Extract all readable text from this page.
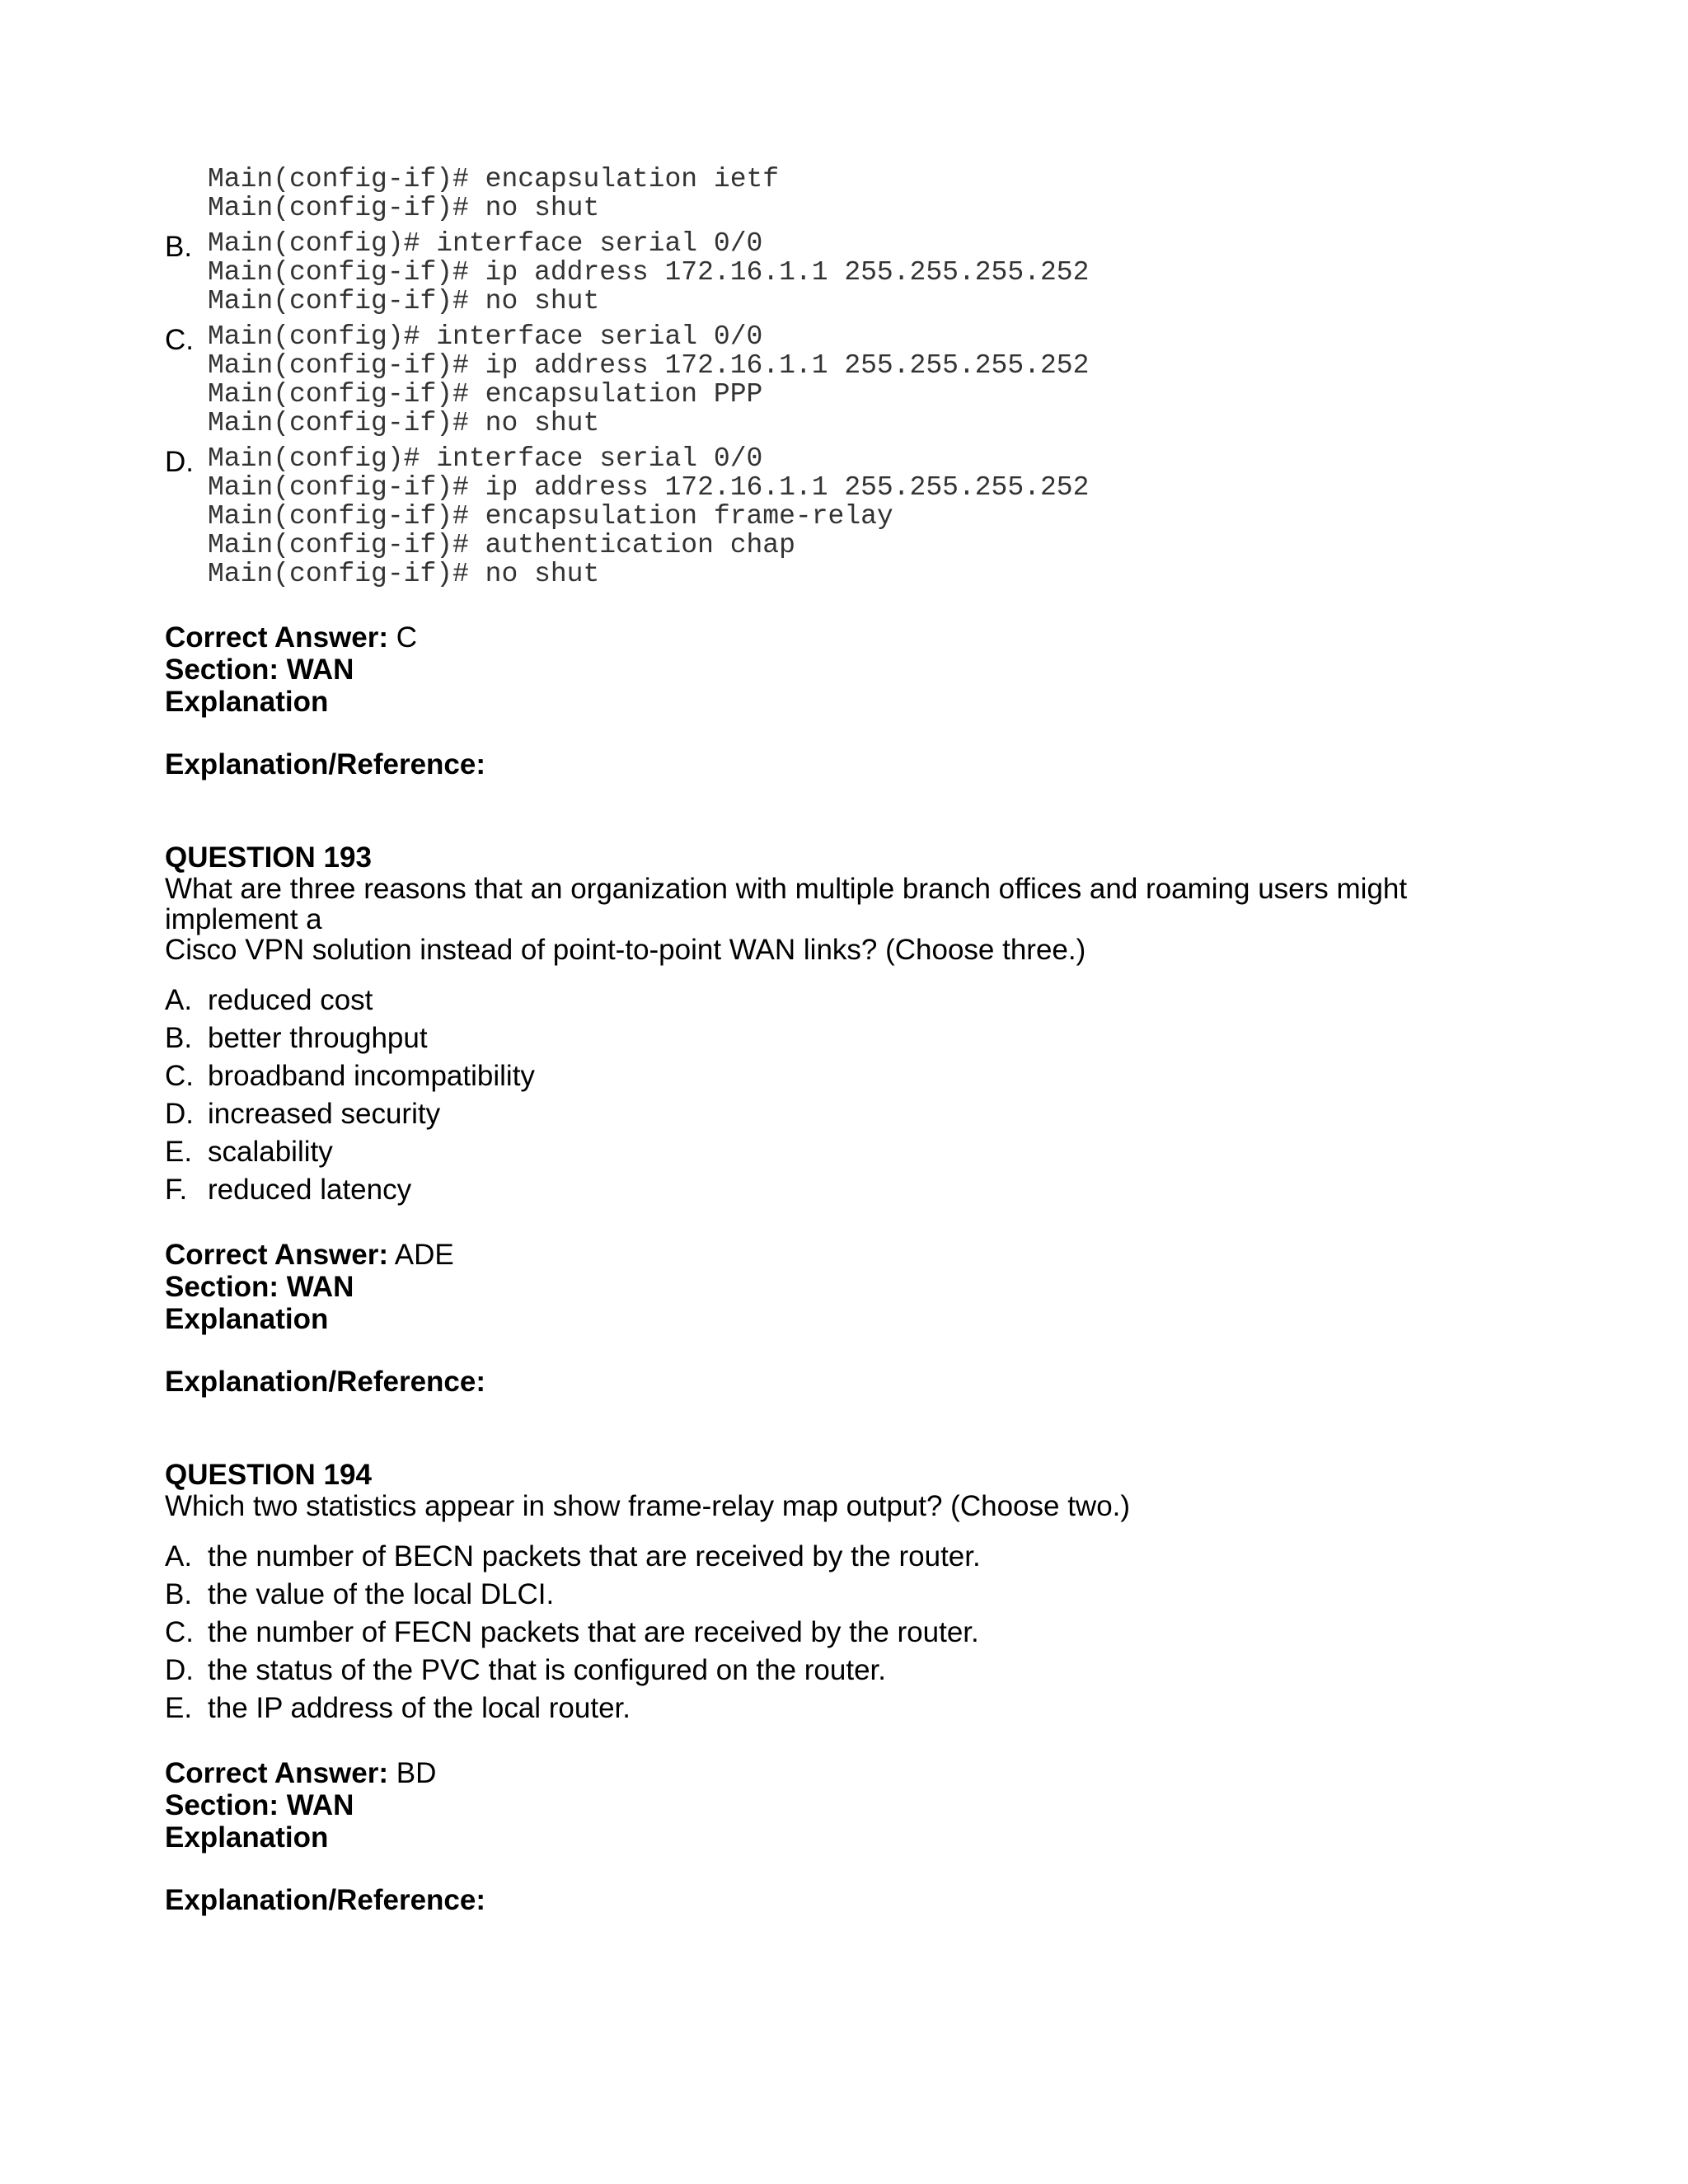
Main(config-if)# encapsulation ietf
Main(config-if)# no shut
B. Main(config)# interface serial 0/0
Main(config-if)# ip address 172.16.1.1 255.255.255.252
Main(config-if)# no shut
C. Main(config)# interface serial 0/0
Main(config-if)# ip address 172.16.1.1 255.255.255.252
Main(config-if)# encapsulation PPP
Main(config-if)# no shut
D. Main(config)# interface serial 0/0
Main(config-if)# ip address 172.16.1.1 255.255.255.252
Main(config-if)# encapsulation frame-relay
Main(config-if)# authentication chap
Main(config-if)# no shut
Correct Answer: C
Section: WAN
Explanation
Explanation/Reference:
QUESTION 193
What are three reasons that an organization with multiple branch offices and roaming users might implement a
Cisco VPN solution instead of point-to-point WAN links? (Choose three.)
A. reduced cost
B. better throughput
C. broadband incompatibility
D. increased security
E. scalability
F. reduced latency
Correct Answer: ADE
Section: WAN
Explanation
Explanation/Reference:
QUESTION 194
Which two statistics appear in show frame-relay map output? (Choose two.)
A. the number of BECN packets that are received by the router.
B. the value of the local DLCI.
C. the number of FECN packets that are received by the router.
D. the status of the PVC that is configured on the router.
E. the IP address of the local router.
Correct Answer: BD
Section: WAN
Explanation
Explanation/Reference:
